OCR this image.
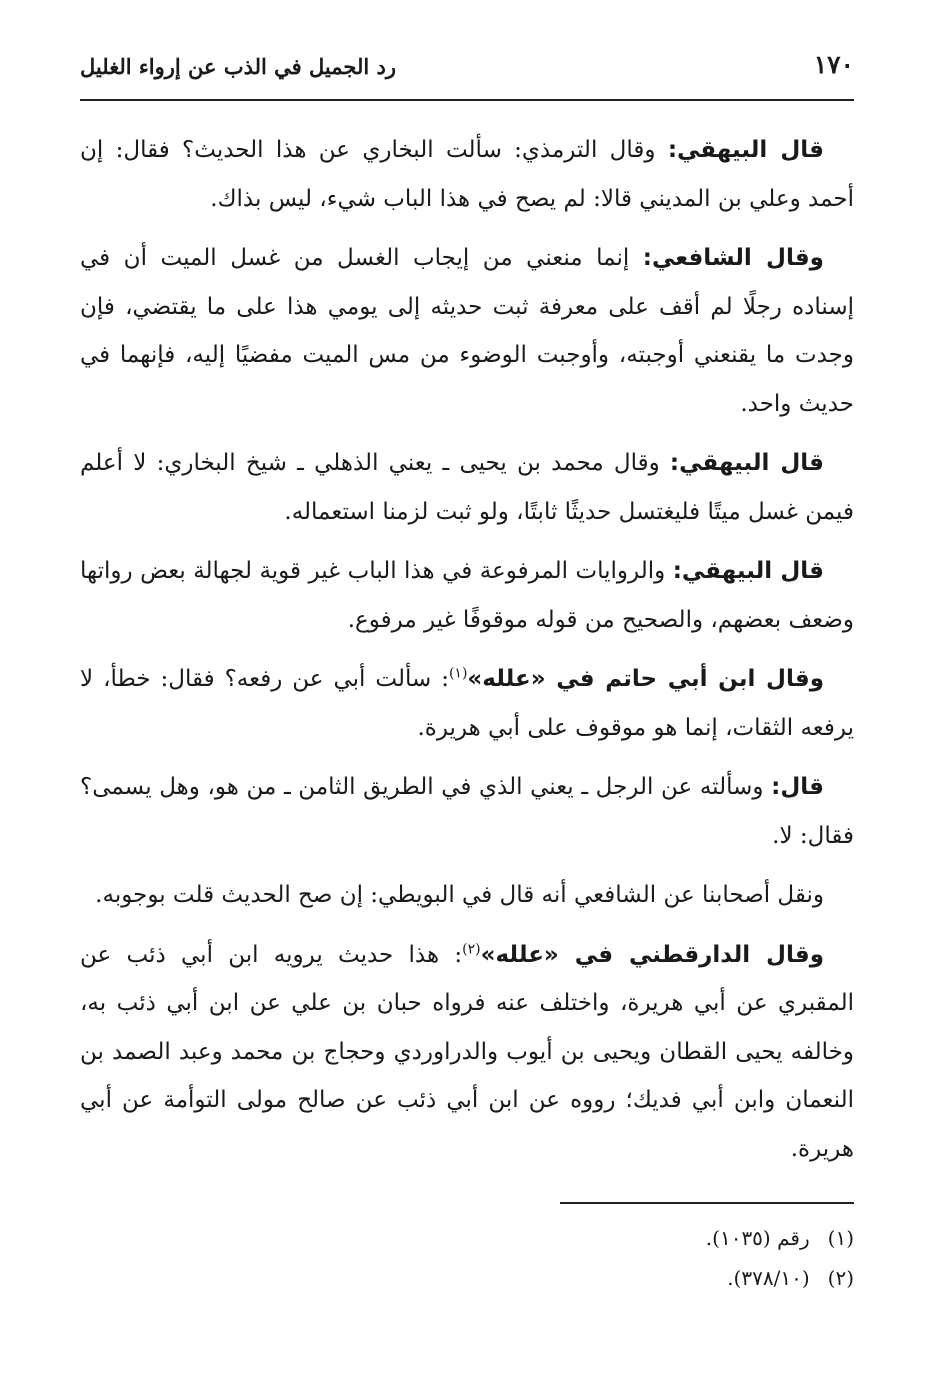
١٧٠
رد الجميل في الذب عن إرواء الغليل

قال البيهقي: وقال الترمذي: سألت البخاري عن هذا الحديث؟ فقال: إن أحمد وعلي بن المديني قالا: لم يصح في هذا الباب شيء، ليس بذاك.

وقال الشافعي: إنما منعني من إيجاب الغسل من غسل الميت أن في إسناده رجلًا لم أقف على معرفة ثبت حديثه إلى يومي هذا على ما يقتضي، فإن وجدت ما يقنعني أوجبته، وأوجبت الوضوء من مس الميت مفضيًا إليه، فإنهما في حديث واحد.

قال البيهقي: وقال محمد بن يحيى ـ يعني الذهلي ـ شيخ البخاري: لا أعلم فيمن غسل ميتًا فليغتسل حديثًا ثابتًا، ولو ثبت لزمنا استعماله.

قال البيهقي: والروايات المرفوعة في هذا الباب غير قوية لجهالة بعض رواتها وضعف بعضهم، والصحيح من قوله موقوفًا غير مرفوع.

وقال ابن أبي حاتم في «علله»$^{(١)}$: سألت أبي عن رفعه؟ فقال: خطأ، لا يرفعه الثقات، إنما هو موقوف على أبي هريرة.

قال: وسألته عن الرجل ـ يعني الذي في الطريق الثامن ـ من هو، وهل يسمى؟ فقال: لا.

ونقل أصحابنا عن الشافعي أنه قال في البويطي: إن صح الحديث قلت بوجوبه.

وقال الدارقطني في «علله»$^{(٢)}$: هذا حديث يرويه ابن أبي ذئب عن المقبري عن أبي هريرة، واختلف عنه فرواه حبان بن علي عن ابن أبي ذئب به، وخالفه يحيى القطان ويحيى بن أيوب والدراوردي وحجاج بن محمد وعبد الصمد بن النعمان وابن أبي فديك؛ رووه عن ابن أبي ذئب عن صالح مولى التوأمة عن أبي هريرة.

(١)
رقم (١٠٣٥).
(٢)
(٣٧٨/١٠).
